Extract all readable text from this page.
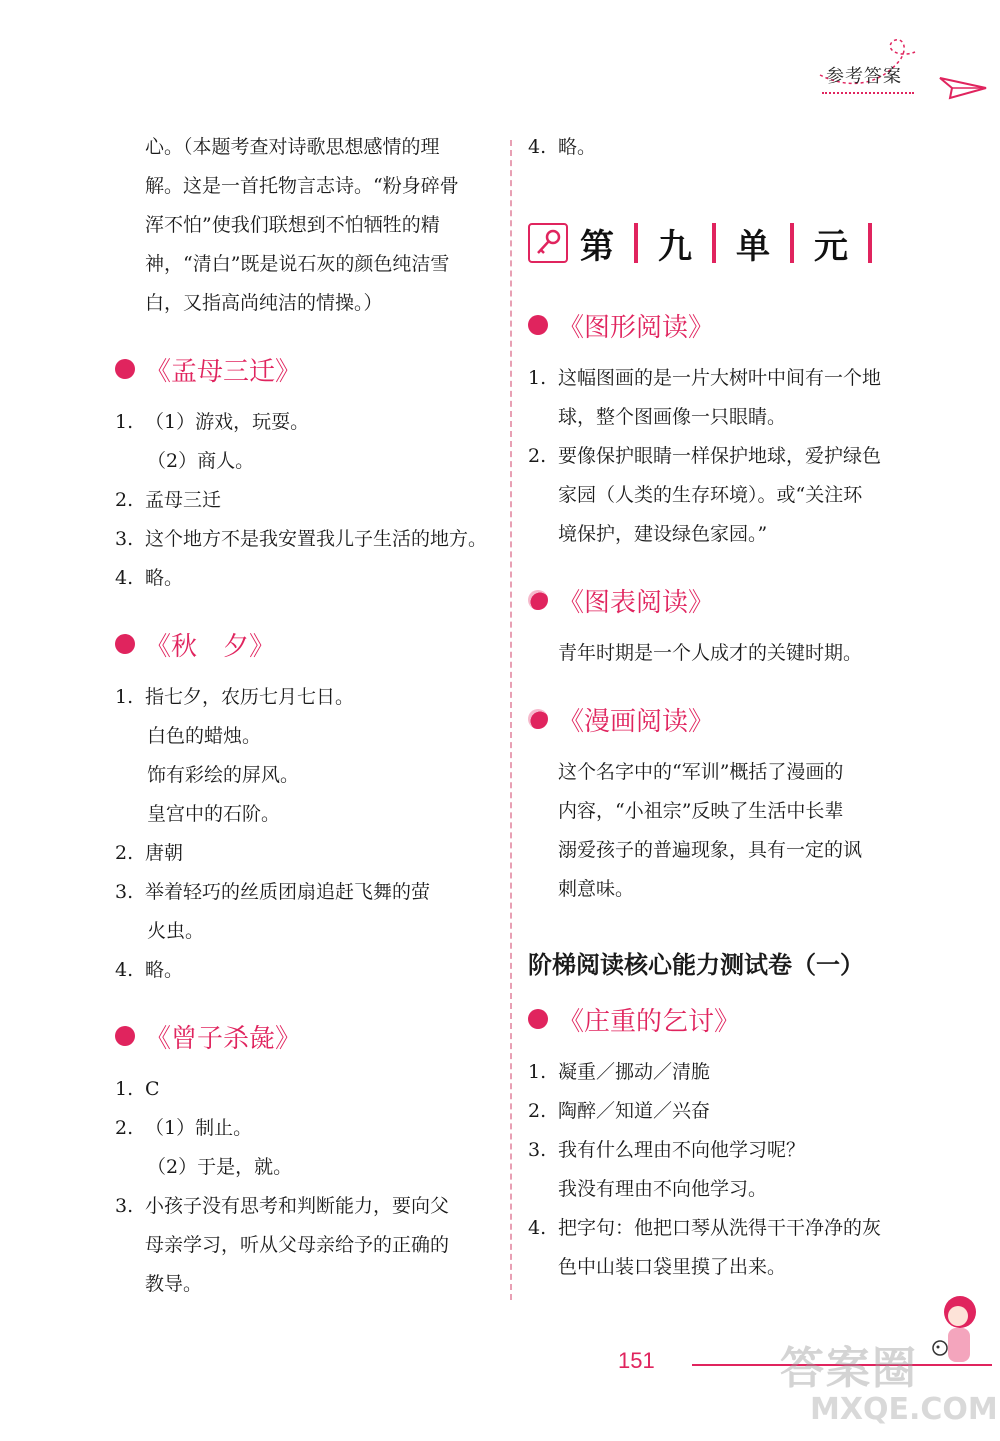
参考答案
心。（本题考查对诗歌思想感情的理
解。这是一首托物言志诗。“粉身碎骨
浑不怕”使我们联想到不怕牺牲的精
神，“清白”既是说石灰的颜色纯洁雪
白，又指高尚纯洁的情操。）
《孟母三迁》
1. （1）游戏，玩耍。
（2）商人。
2. 孟母三迁
3. 这个地方不是我安置我儿子生活的地方。
4. 略。
《秋　夕》
1. 指七夕，农历七月七日。
白色的蜡烛。
饰有彩绘的屏风。
皇宫中的石阶。
2. 唐朝
3. 举着轻巧的丝质团扇追赶飞舞的萤
火虫。
4. 略。
《曾子杀彘》
1. C
2. （1）制止。
（2）于是，就。
3. 小孩子没有思考和判断能力，要向父
母亲学习，听从父母亲给予的正确的
教导。
4. 略。
第 九 单 元
《图形阅读》
1. 这幅图画的是一片大树叶中间有一个地
球，整个图画像一只眼睛。
2. 要像保护眼睛一样保护地球，爱护绿色
家园（人类的生存环境）。或“关注环
境保护，建设绿色家园。”
《图表阅读》
青年时期是一个人成才的关键时期。
《漫画阅读》
这个名字中的“军训”概括了漫画的
内容，“小祖宗”反映了生活中长辈
溺爱孩子的普遍现象，具有一定的讽
刺意味。
阶梯阅读核心能力测试卷（一）
《庄重的乞讨》
1. 凝重／挪动／清脆
2. 陶醉／知道／兴奋
3. 我有什么理由不向他学习呢？
我没有理由不向他学习。
4. 把字句：他把口琴从洗得干干净净的灰
色中山装口袋里摸了出来。
151	答案圈
MXQE.COM
